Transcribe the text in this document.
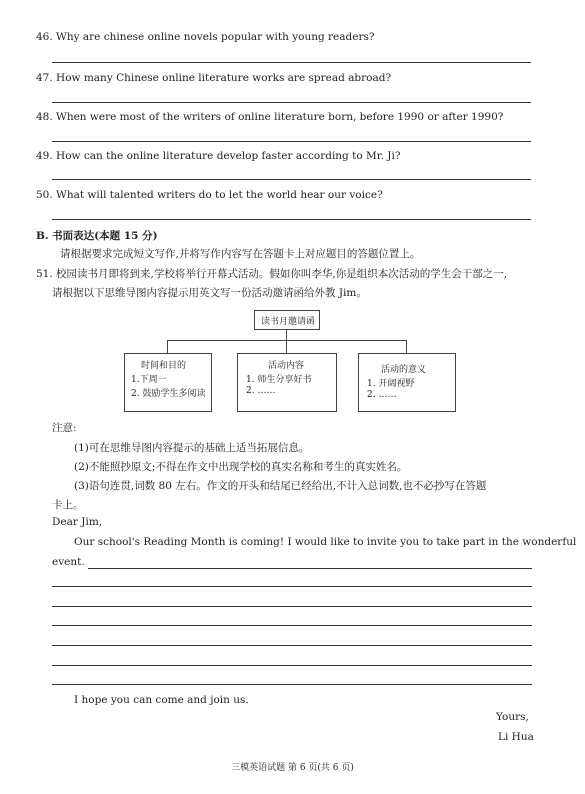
46. Why are chinese online novels popular with young readers?
47. How many Chinese online literature works are spread abroad?
48. When were most of the writers of online literature born, before 1990 or after 1990?
49. How can the online literature develop faster according to Mr. Ji?
50. What will talented writers do to let the world hear our voice?
B. 书面表达(本题 15 分)
请根据要求完成短文写作,并将写作内容写在答题卡上对应题目的答题位置上。
51. 校园读书月即将到来,学校将举行开幕式活动。假如你叫李华,你是组织本次活动的学生会干部之一,
请根据以下思维导图内容提示用英文写一份活动邀请函给外教 Jim。
读书月邀请函
时间和目的
1.下周一
2. 鼓励学生多阅读
活动内容
1. 师生分享好书
2. ……
活动的意义
1. 开阔视野
2. ……
注意:
(1)可在思维导图内容提示的基础上适当拓展信息。
(2)不能照抄原文;不得在作文中出现学校的真实名称和考生的真实姓名。
(3)语句连贯,词数 80 左右。作文的开头和结尾已经给出,不计入总词数,也不必抄写在答题
卡上。
Dear Jim,
Our school's Reading Month is coming! I would like to invite you to take part in the wonderful
event.
I hope you can come and join us.
Yours,
Li Hua
三模英语试题 第 6 页(共 6 页)
